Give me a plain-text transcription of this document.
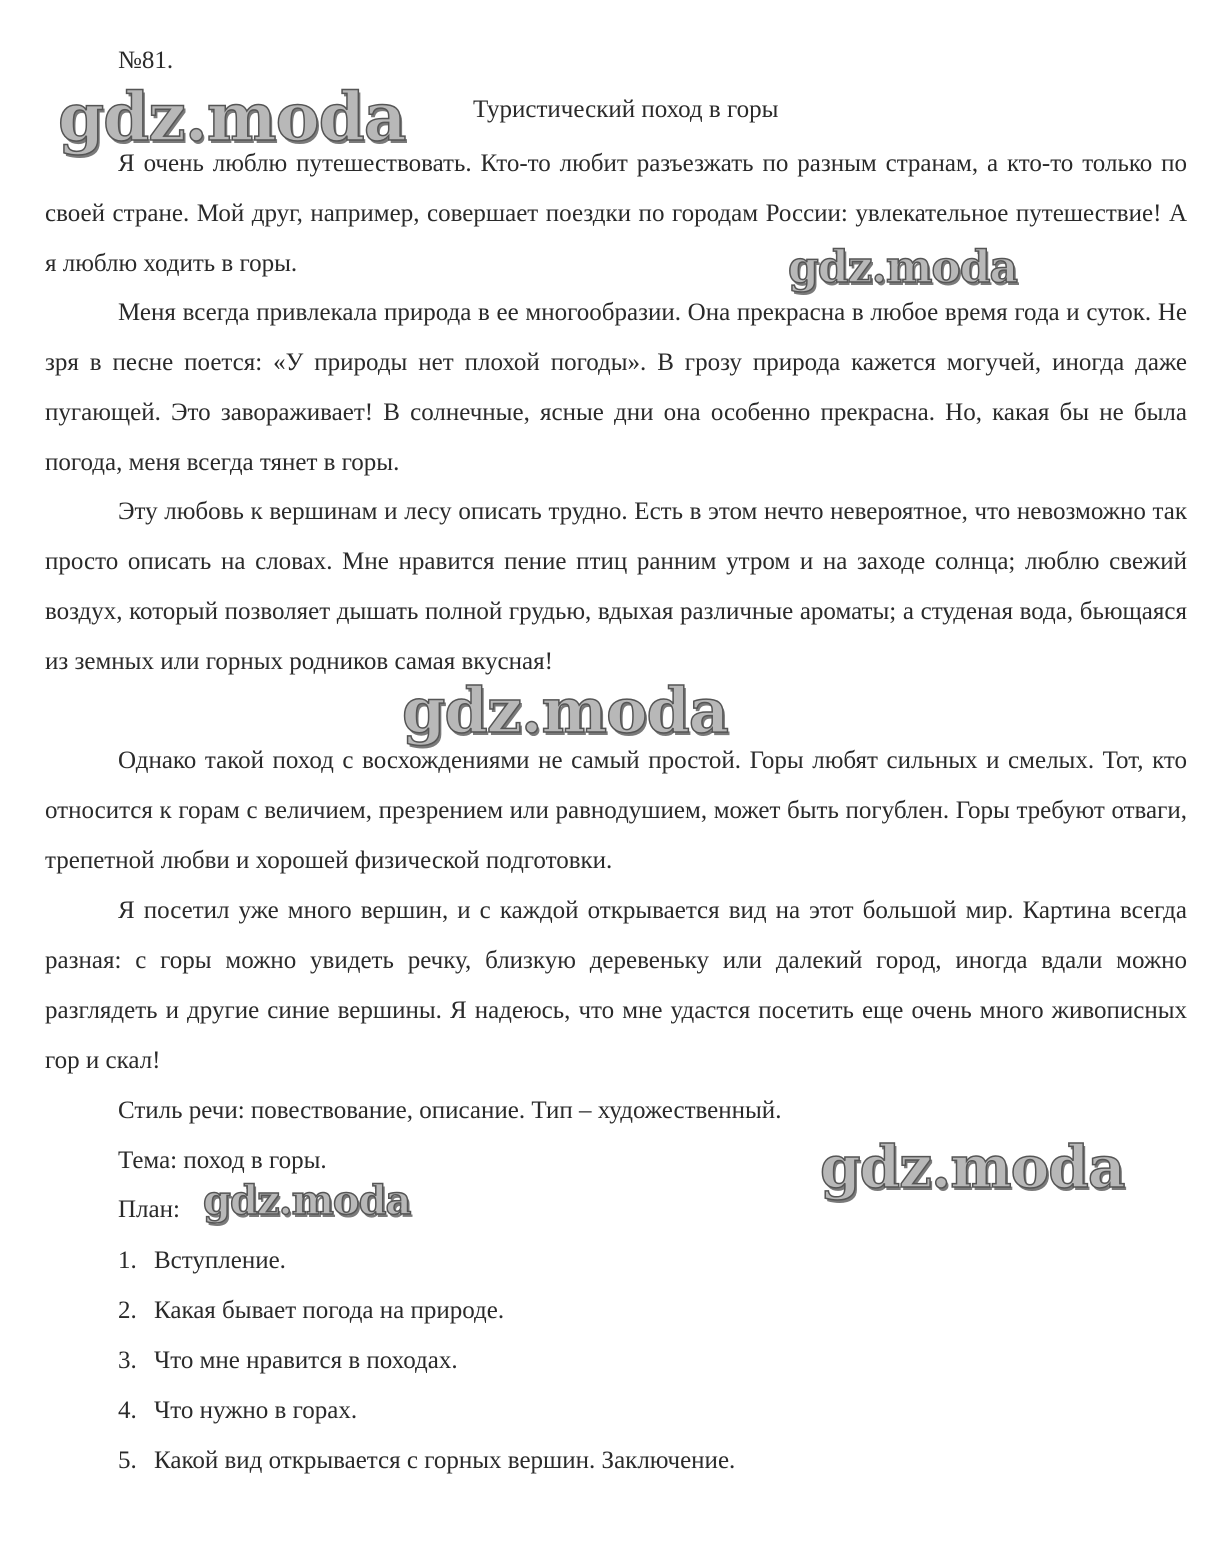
№81.
Туристический поход в горы

Я очень люблю путешествовать. Кто-то любит разъезжать по разным странам, а кто-то только по своей стране. Мой друг, например, совершает поездки по городам России: увлекательное путешествие! А я люблю ходить в горы.

Меня всегда привлекала природа в ее многообразии. Она прекрасна в любое время года и суток. Не зря в песне поется: «У природы нет плохой погоды». В грозу природа кажется могучей, иногда даже пугающей. Это завораживает! В солнечные, ясные дни она особенно прекрасна. Но, какая бы не была погода, меня всегда тянет в горы.

Эту любовь к вершинам и лесу описать трудно. Есть в этом нечто невероятное, что невозможно так просто описать на словах. Мне нравится пение птиц ранним утром и на заходе солнца; люблю свежий воздух, который позволяет дышать полной грудью, вдыхая различные ароматы; а студеная вода, бьющаяся из земных или горных родников самая вкусная!

Однако такой поход с восхождениями не самый простой. Горы любят сильных и смелых. Тот, кто относится к горам с величием, презрением или равнодушием, может быть погублен. Горы требуют отваги, трепетной любви и хорошей физической подготовки.

Я посетил уже много вершин, и с каждой открывается вид на этот большой мир. Картина всегда разная: с горы можно увидеть речку, близкую деревеньку или далекий город, иногда вдали можно разглядеть и другие синие вершины. Я надеюсь, что мне удастся посетить еще очень много живописных гор и скал!

Стиль речи: повествование, описание. Тип – художественный.
Тема: поход в горы.
План:
1. Вступление.
2. Какая бывает погода на природе.
3. Что мне нравится в походах.
4. Что нужно в горах.
5. Какой вид открывается с горных вершин. Заключение.
gdz.moda
gdz.moda
gdz.moda
gdz.moda
gdz.moda
